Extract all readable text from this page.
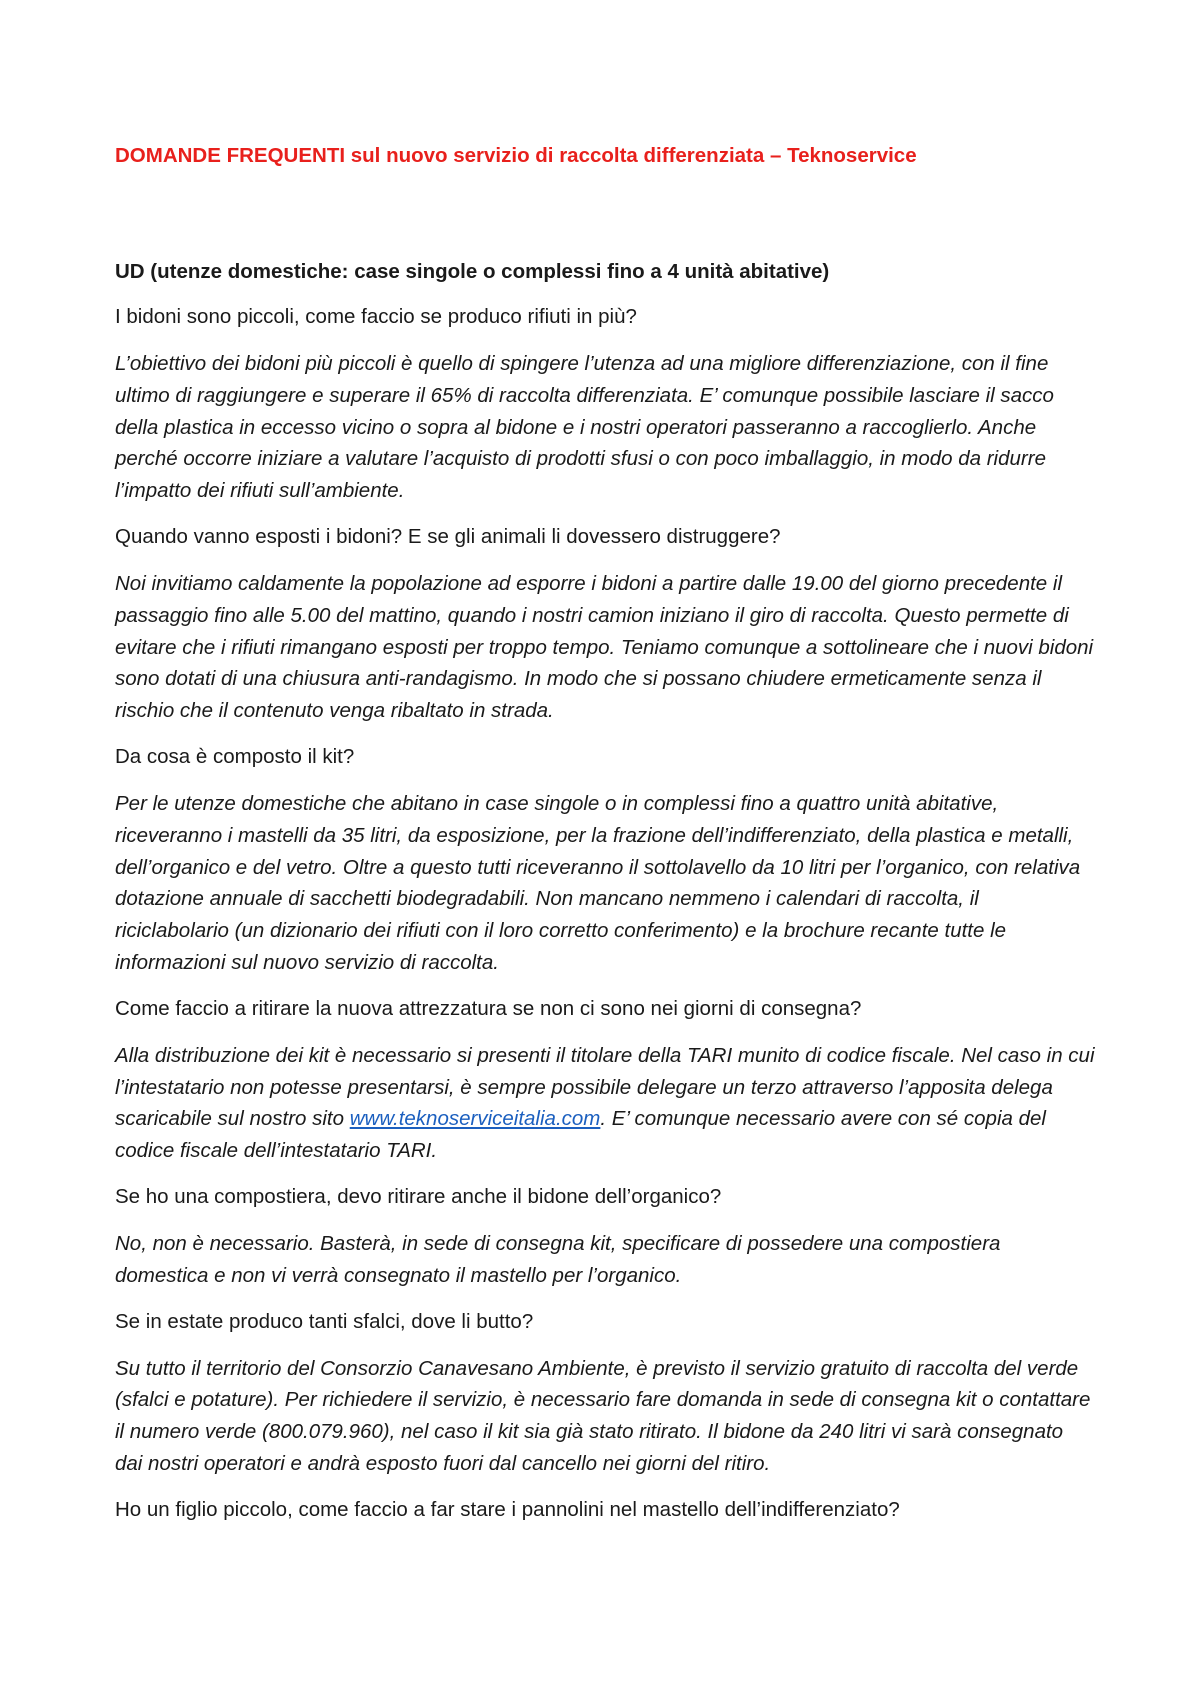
DOMANDE FREQUENTI sul nuovo servizio di raccolta differenziata – Teknoservice
UD (utenze domestiche: case singole o complessi fino a 4 unità abitative)
I bidoni sono piccoli, come faccio se produco rifiuti in più?
L’obiettivo dei bidoni più piccoli è quello di spingere l’utenza ad una migliore differenziazione, con il fine ultimo di raggiungere e superare il 65% di raccolta differenziata. E’ comunque possibile lasciare il sacco della plastica in eccesso vicino o sopra al bidone e i nostri operatori passeranno a raccoglierlo. Anche perché occorre iniziare a valutare l’acquisto di prodotti sfusi o con poco imballaggio, in modo da ridurre l’impatto dei rifiuti sull’ambiente.
Quando vanno esposti i bidoni? E se gli animali li dovessero distruggere?
Noi invitiamo caldamente la popolazione ad esporre i bidoni a partire dalle 19.00 del giorno precedente il passaggio fino alle 5.00 del mattino, quando i nostri camion iniziano il giro di raccolta. Questo permette di evitare che i rifiuti rimangano esposti per troppo tempo. Teniamo comunque a sottolineare che i nuovi bidoni sono dotati di una chiusura anti-randagismo. In modo che si possano chiudere ermeticamente senza il rischio che il contenuto venga ribaltato in strada.
Da cosa è composto il kit?
Per le utenze domestiche che abitano in case singole o in complessi fino a quattro unità abitative, riceveranno i mastelli da 35 litri, da esposizione, per la frazione dell’indifferenziato, della plastica e metalli, dell’organico e del vetro. Oltre a questo tutti riceveranno il sottolavello da 10 litri per l’organico, con relativa dotazione annuale di sacchetti biodegradabili. Non mancano nemmeno i calendari di raccolta, il riciclabolario (un dizionario dei rifiuti con il loro corretto conferimento) e la brochure recante tutte le informazioni sul nuovo servizio di raccolta.
Come faccio a ritirare la nuova attrezzatura se non ci sono nei giorni di consegna?
Alla distribuzione dei kit è necessario si presenti il titolare della TARI munito di codice fiscale. Nel caso in cui l’intestatario non potesse presentarsi, è sempre possibile delegare un terzo attraverso l’apposita delega scaricabile sul nostro sito www.teknoserviceitalia.com. E’ comunque necessario avere con sé copia del codice fiscale dell’intestatario TARI.
Se ho una compostiera, devo ritirare anche il bidone dell’organico?
No, non è necessario. Basterà, in sede di consegna kit, specificare di possedere una compostiera domestica e non vi verrà consegnato il mastello per l’organico.
Se in estate produco tanti sfalci, dove li butto?
Su tutto il territorio del Consorzio Canavesano Ambiente, è previsto il servizio gratuito di raccolta del verde (sfalci e potature). Per richiedere il servizio, è necessario fare domanda in sede di consegna kit o contattare il numero verde (800.079.960), nel caso il kit sia già stato ritirato. Il bidone da 240 litri vi sarà consegnato dai nostri operatori e andrà esposto fuori dal cancello nei giorni del ritiro.
Ho un figlio piccolo, come faccio a far stare i pannolini nel mastello dell’indifferenziato?
